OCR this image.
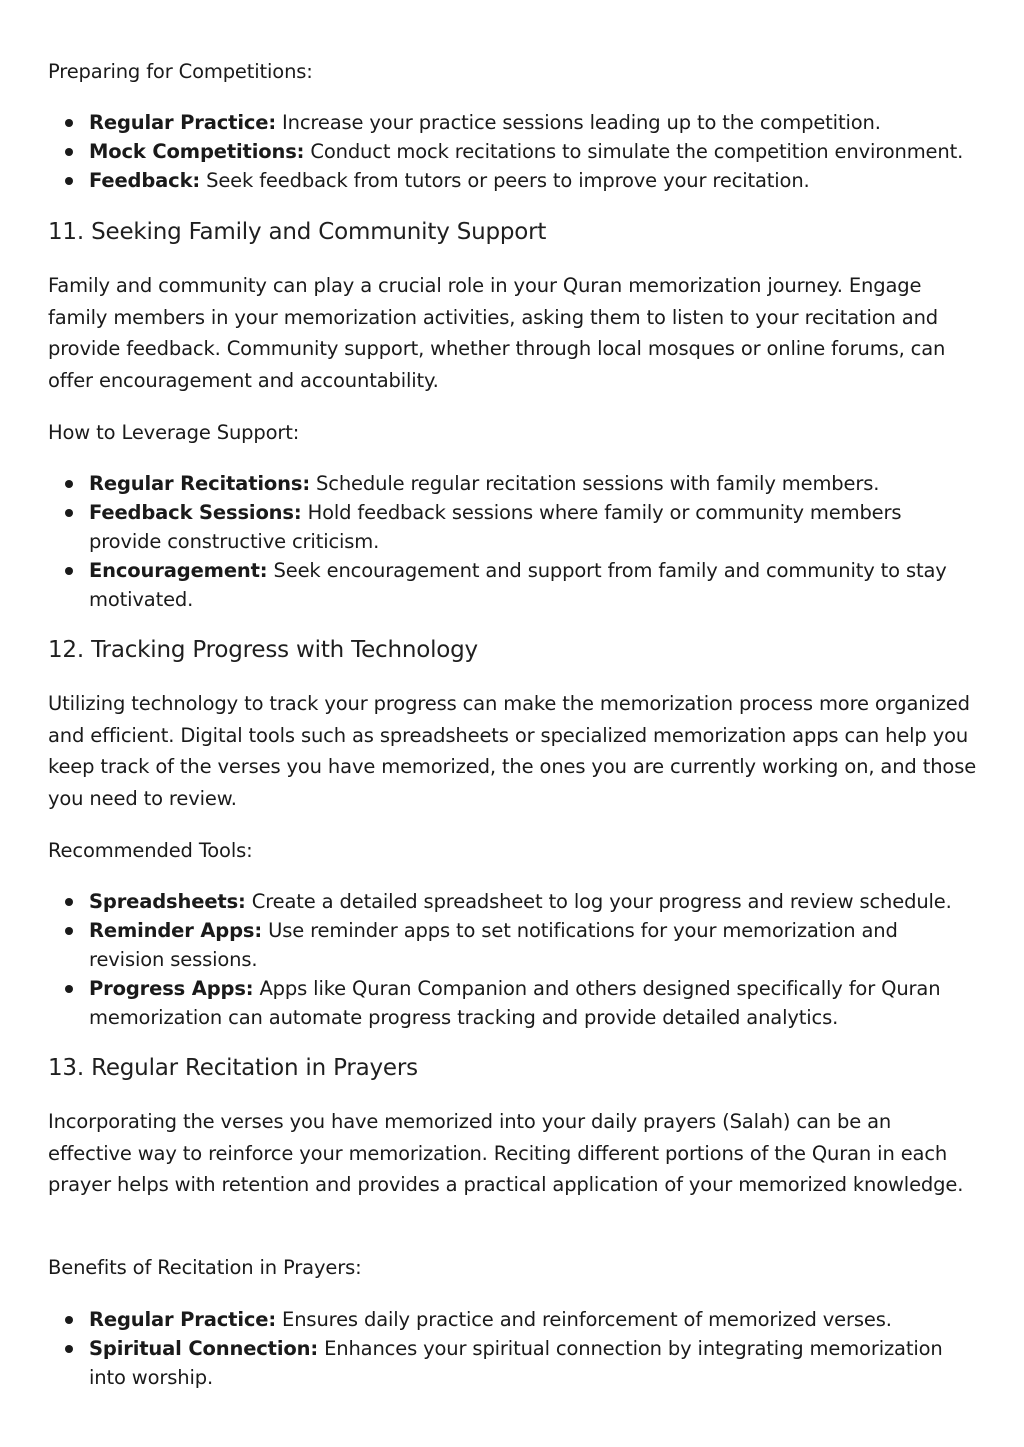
Preparing for Competitions:

Regular Practice: Increase your practice sessions leading up to the competition.
Mock Competitions: Conduct mock recitations to simulate the competition environment.
Feedback: Seek feedback from tutors or peers to improve your recitation.
11. Seeking Family and Community Support

Family and community can play a crucial role in your Quran memorization journey. Engage family members in your memorization activities, asking them to listen to your recitation and provide feedback. Community support, whether through local mosques or online forums, can offer encouragement and accountability.

How to Leverage Support:

Regular Recitations: Schedule regular recitation sessions with family members.
Feedback Sessions: Hold feedback sessions where family or community members provide constructive criticism.
Encouragement: Seek encouragement and support from family and community to stay motivated.
12. Tracking Progress with Technology

Utilizing technology to track your progress can make the memorization process more organized and efficient. Digital tools such as spreadsheets or specialized memorization apps can help you keep track of the verses you have memorized, the ones you are currently working on, and those you need to review.

Recommended Tools:

Spreadsheets: Create a detailed spreadsheet to log your progress and review schedule.
Reminder Apps: Use reminder apps to set notifications for your memorization and revision sessions.
Progress Apps: Apps like Quran Companion and others designed specifically for Quran memorization can automate progress tracking and provide detailed analytics.
13. Regular Recitation in Prayers

Incorporating the verses you have memorized into your daily prayers (Salah) can be an effective way to reinforce your memorization. Reciting different portions of the Quran in each prayer helps with retention and provides a practical application of your memorized knowledge.

Benefits of Recitation in Prayers:

Regular Practice: Ensures daily practice and reinforcement of memorized verses.
Spiritual Connection: Enhances your spiritual connection by integrating memorization into worship.
